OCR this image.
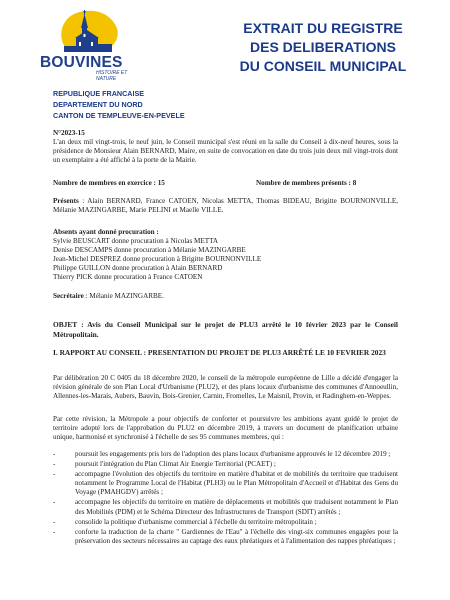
BOUVINES
HISTOIRE ET NATURE
EXTRAIT DU REGISTRE
DES DELIBERATIONS
DU CONSEIL MUNICIPAL
REPUBLIQUE FRANCAISE
DEPARTEMENT DU NORD
CANTON DE TEMPLEUVE-EN-PEVELE
N°2023-15
L'an deux mil vingt-trois, le neuf juin, le Conseil municipal s'est réuni en la salle du Conseil à dix-neuf heures, sous la présidence de Monsieur Alain BERNARD, Maire, en suite de convocation en date du trois juin deux mil vingt-trois dont un exemplaire a été affiché à la porte de la Mairie.
Nombre de membres en exercice : 15	Nombre de membres présents : 8
Présents : Alain BERNARD, France CATOEN, Nicolas METTA, Thomas BIDEAU, Brigitte BOURNONVILLE, Mélanie MAZINGARBE, Marie PELINI et Maelle VILLE.
Absents ayant donné procuration :
Sylvie BEUSCART donne procuration à Nicolas METTA
Denise DESCAMPS donne procuration à Mélanie MAZINGARBE
Jean-Michel DESPREZ donne procuration à Brigitte BOURNONVILLE
Philippe GUILLON donne procuration à Alain BERNARD
Thierry PICK donne procuration à France CATOEN
Secrétaire : Mélanie MAZINGARBE.
OBJET : Avis du Conseil Municipal sur le projet de PLU3 arrêté le 10 février 2023 par le Conseil Métropolitain.
I. RAPPORT AU CONSEIL : PRESENTATION DU PROJET DE PLU3 ARRÊTÉ LE 10 FEVRIER 2023
Par délibération 20 C 0405 du 18 décembre 2020, le conseil de la métropole européenne de Lille a décidé d'engager la révision générale de son Plan Local d'Urbanisme (PLU2), et des plans locaux d'urbanisme des communes d'Annoeullin, Allennes-les-Marais, Aubers, Bauvin, Bois-Grenier, Carnin, Fromelles, Le Maisnil, Provin, et Radinghem-en-Weppes.
Par cette révision, la Métropole a pour objectifs de conforter et poursuivre les ambitions ayant guidé le projet de territoire adopté lors de l'approbation du PLU2 en décembre 2019, à travers un document de planification urbaine unique, harmonisé et synchronisé à l'échelle de ses 95 communes membres, qui :
-	poursuit les engagements pris lors de l'adoption des plans locaux d'urbanisme approuvés le 12 décembre 2019 ;
-	poursuit l'intégration du Plan Climat Air Energie Territorial (PCAET) ;
-	accompagne l'évolution des objectifs du territoire en matière d'habitat et de mobilités du territoire que traduisent notamment le Programme Local de l'Habitat (PLH3) ou le Plan Métropolitain d'Accueil et d'Habitat des Gens du Voyage (PMAHGDV) arrêtés ;
-	accompagne les objectifs du territoire en matière de déplacements et mobilités que traduisent notamment le Plan des Mobilités (PDM) et le Schéma Directeur des Infrastructures de Transport (SDIT) arrêtés ;
-	consolide la politique d'urbanisme commercial à l'échelle du territoire métropolitain ;
-	conforte la traduction de la charte " Gardiennes de l'Eau" à l'échelle des vingt-six communes engagées pour la préservation des secteurs nécessaires au captage des eaux phréatiques et à l'alimentation des nappes phréatiques ;
